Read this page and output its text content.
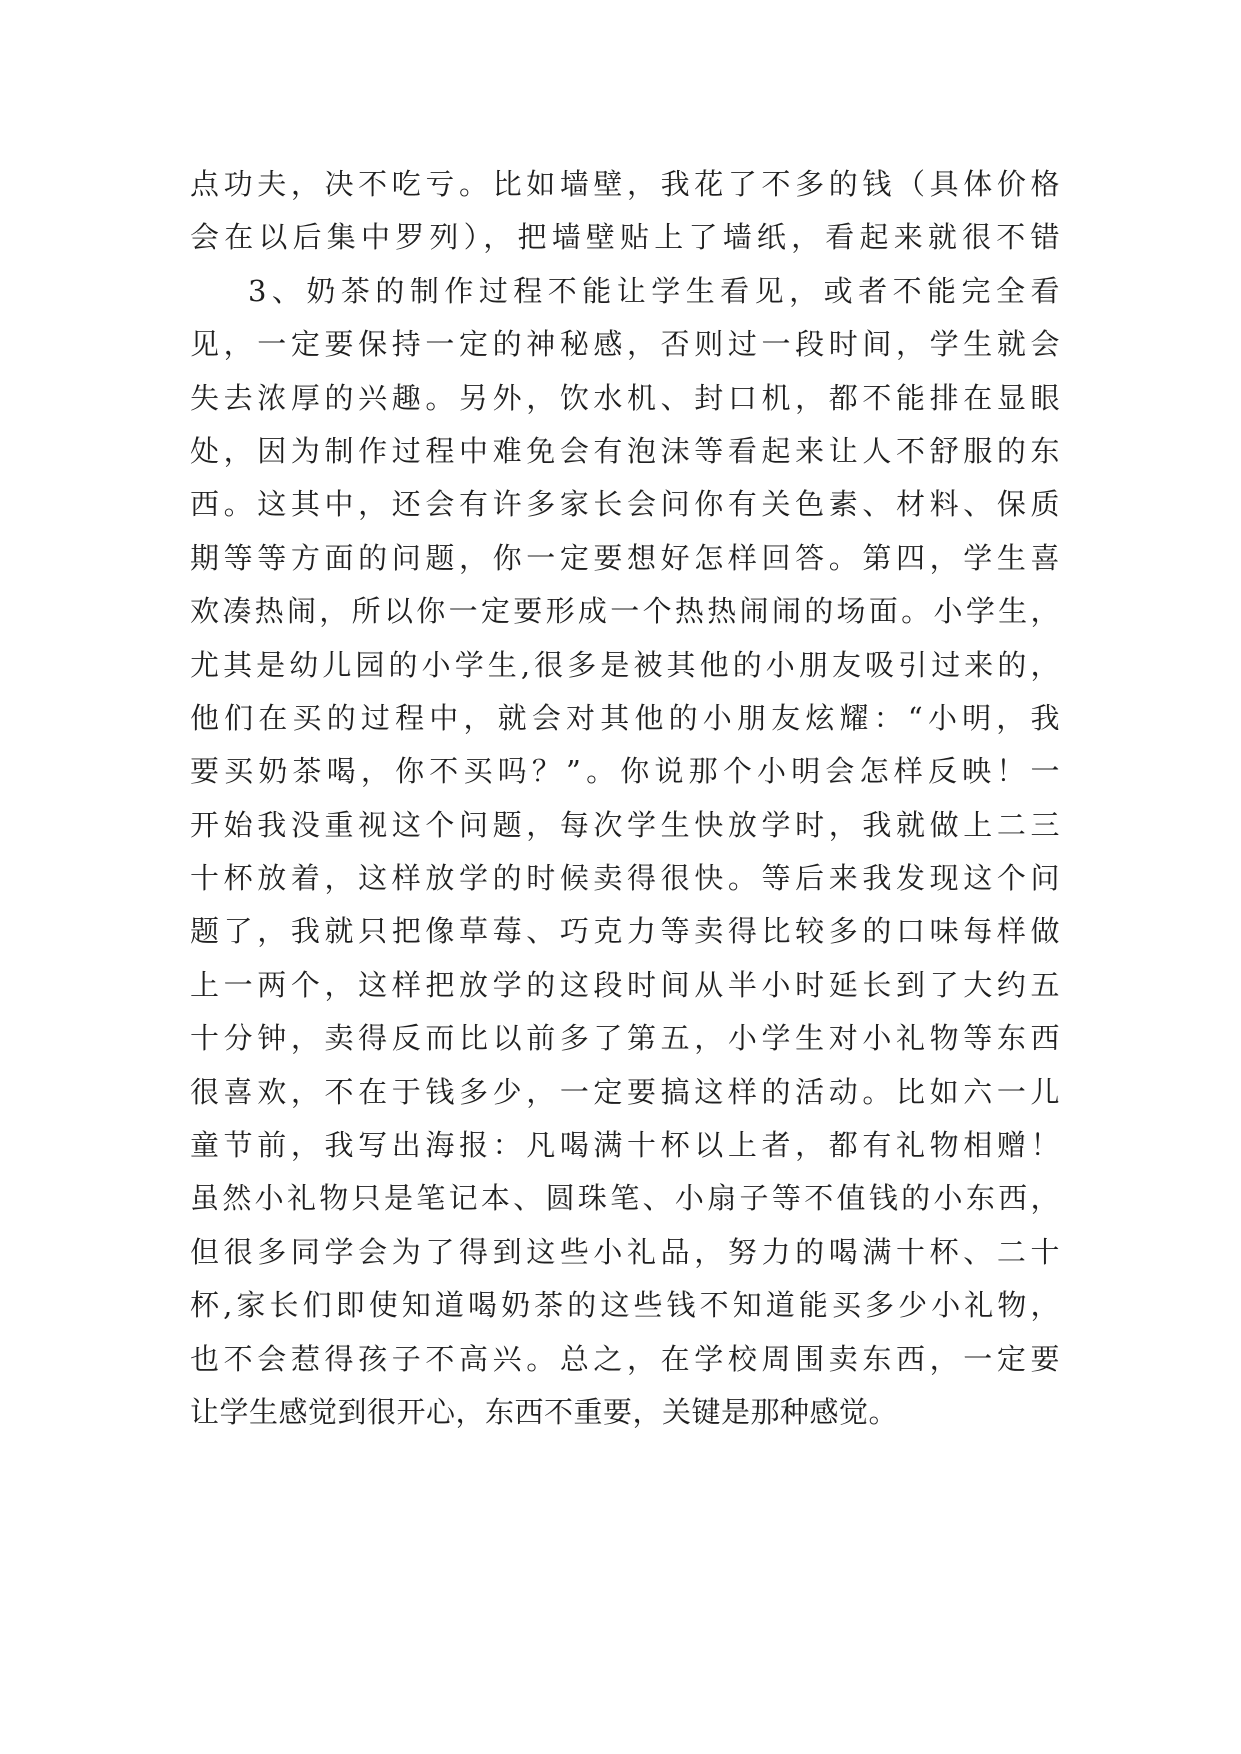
点功夫，决不吃亏。比如墙壁，我花了不多的钱（具体价格
会在以后集中罗列），把墙壁贴上了墙纸，看起来就很不错
3、奶茶的制作过程不能让学生看见，或者不能完全看
见，一定要保持一定的神秘感，否则过一段时间，学生就会
失去浓厚的兴趣。另外，饮水机、封口机，都不能排在显眼
处，因为制作过程中难免会有泡沫等看起来让人不舒服的东
西。这其中，还会有许多家长会问你有关色素、材料、保质
期等等方面的问题，你一定要想好怎样回答。第四，学生喜
欢凑热闹，所以你一定要形成一个热热闹闹的场面。小学生，
尤其是幼儿园的小学生,很多是被其他的小朋友吸引过来的，
他们在买的过程中，就会对其他的小朋友炫耀：“小明，我
要买奶茶喝，你不买吗？”。你说那个小明会怎样反映！一
开始我没重视这个问题，每次学生快放学时，我就做上二三
十杯放着，这样放学的时候卖得很快。等后来我发现这个问
题了，我就只把像草莓、巧克力等卖得比较多的口味每样做
上一两个，这样把放学的这段时间从半小时延长到了大约五
十分钟，卖得反而比以前多了第五，小学生对小礼物等东西
很喜欢，不在于钱多少，一定要搞这样的活动。比如六一儿
童节前，我写出海报：凡喝满十杯以上者，都有礼物相赠！
虽然小礼物只是笔记本、圆珠笔、小扇子等不值钱的小东西，
但很多同学会为了得到这些小礼品，努力的喝满十杯、二十
杯,家长们即使知道喝奶茶的这些钱不知道能买多少小礼物，
也不会惹得孩子不高兴。总之，在学校周围卖东西，一定要
让学生感觉到很开心，东西不重要，关键是那种感觉。
